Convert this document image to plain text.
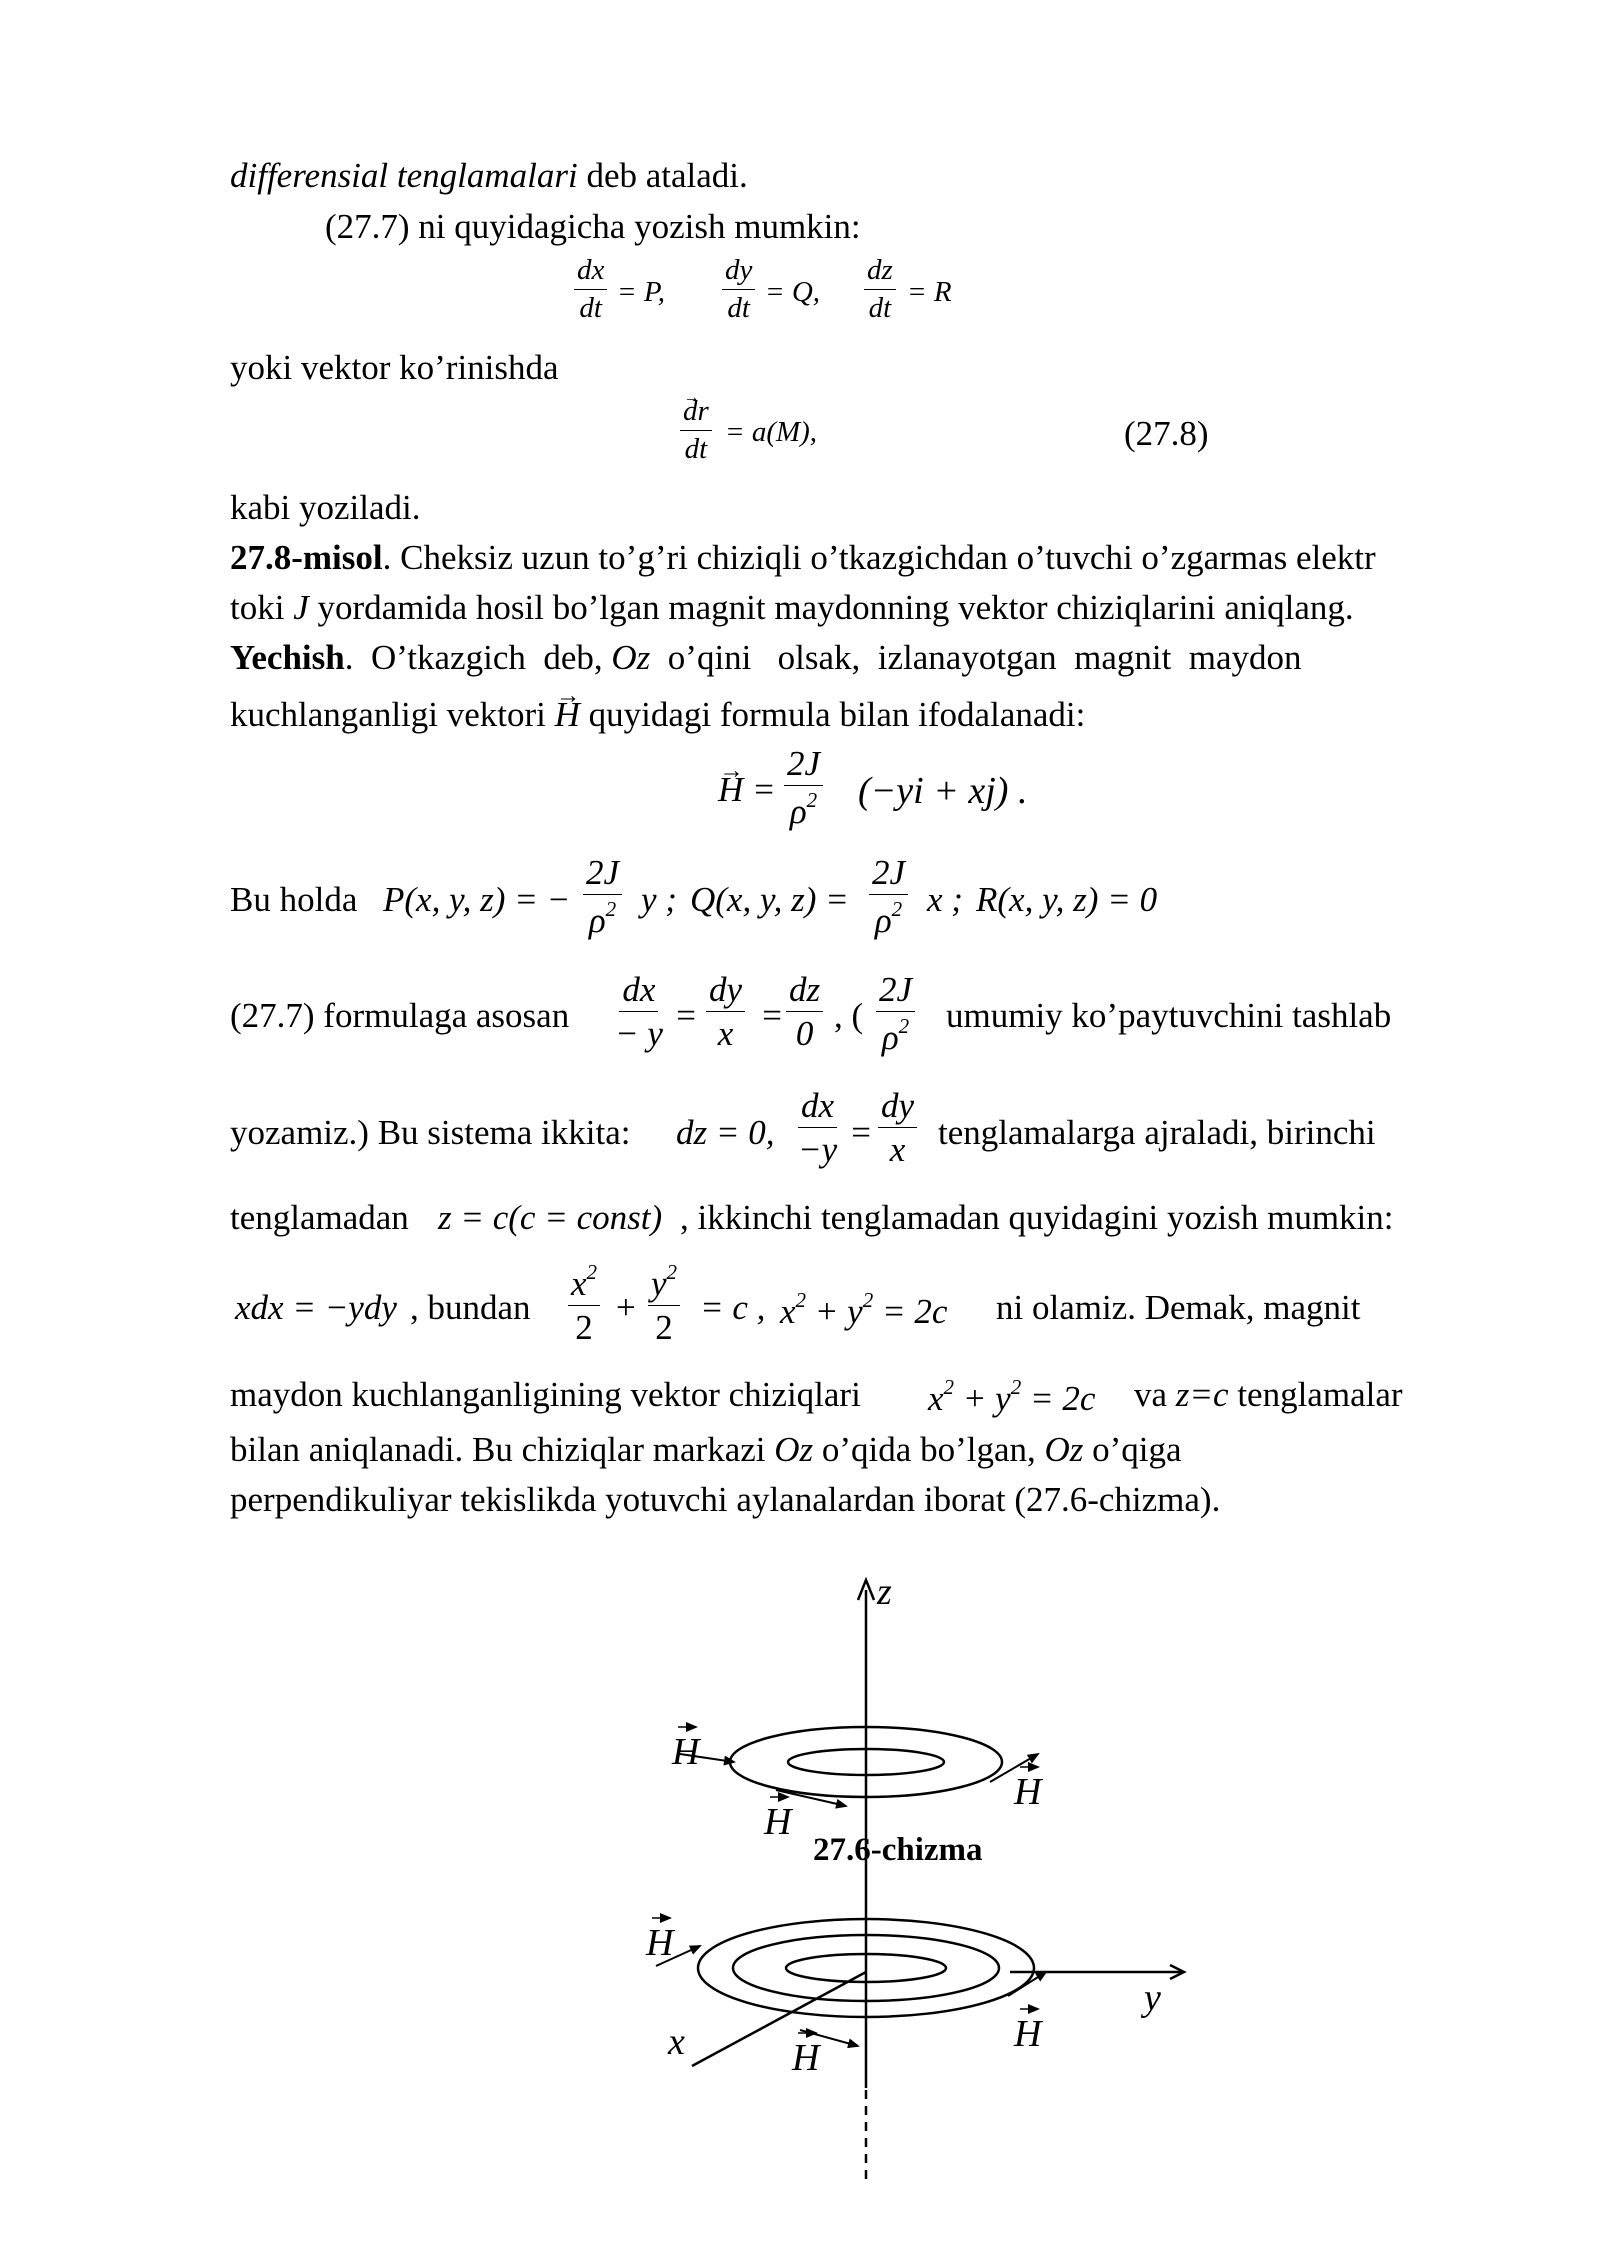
differensial tenglamalari deb ataladi.
(27.7) ni quyidagicha yozish mumkin:
$\frac{dx}{dt} = P$, $\frac{dy}{dt} = Q$, $\frac{dz}{dt} = R$
yoki vektor ko’rinishda
→ $\frac{dr}{dt} = a(M)$,	(27.8)
kabi yoziladi.
27.8-misol. Cheksiz uzun to’g’ri chiziqli o’tkazgichdan o’tuvchi o’zgarmas elektr
toki J yordamida hosil bo’lgan magnit maydonning vektor chiziqlarini aniqlang.
Yechish.  O’tkazgich  deb, Oz  o’qini   olsak,  izlanayotgan  magnit  maydon
kuchlanganligi vektori → H quyidagi formula bilan ifodalanadi:
→ $H = \frac{2J}{\rho^2} (-yi + xj)$ .
Bu holda P(x, y, z) = − $\frac{2J}{\rho^2}$ y ; Q(x, y, $z) = \frac{2J}{\rho^2}$ x ; R(x, y, z) = 0
(27.7) formulaga asosan $\frac{dx}{- y} = \frac{dy}{x} = \frac{dz}{0}$ , ( $\frac{2J}{\rho^2}$ umumiy ko’paytuvchini tashlab
yozamiz.) Bu sistema ikkita: dz = 0, $\frac{dx}{-y} = \frac{dy}{x}$ tenglamalarga ajraladi, birinchi
tenglamadan z = c(c = const) , ikkinchi tenglamadan quyidagini yozish mumkin:
xdx = −ydy , bundan $\frac{x^2}{2} + \frac{y^2}{2} = c$ , $x^2 + y^2 = 2c$ ni olamiz. Demak, magnit
maydon kuchlanganligining vektor chiziqlari $x^2 + y^2 = 2c$ va z=c tenglamalar
bilan aniqlanadi. Bu chiziqlar markazi Oz o’qida bo’lgan, Oz o’qiga
perpendikuliyar tekislikda yotuvchi aylanalardan iborat (27.6-chizma).
z
y
x
H
H
H
H
H
H
27.6-chizma
